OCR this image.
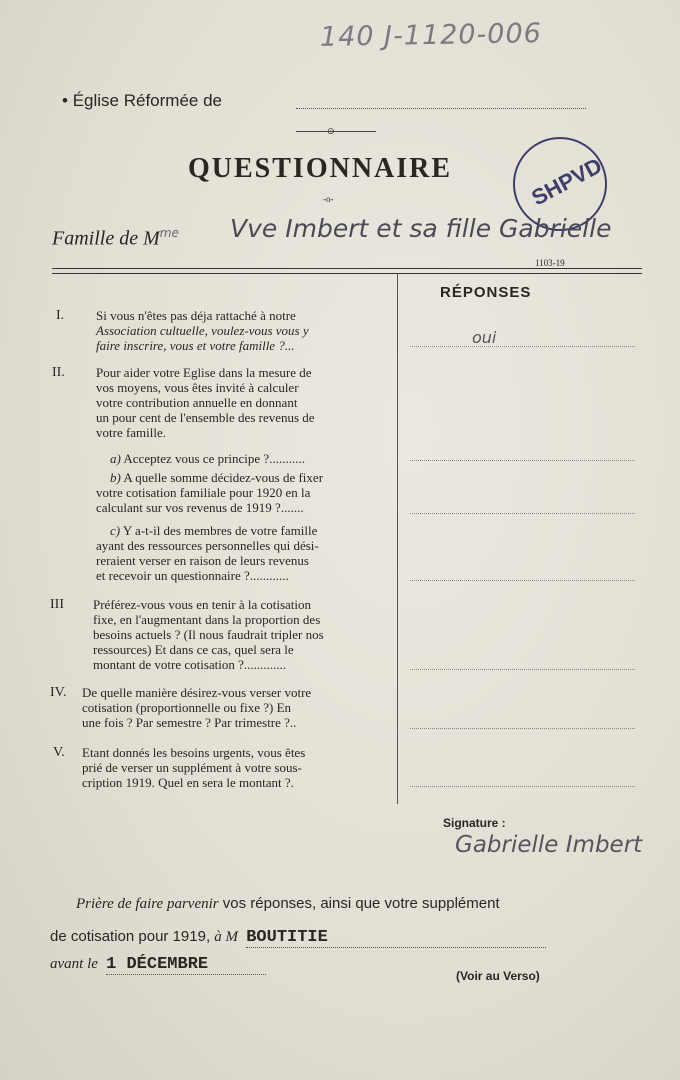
140 J-1120-006
• Église Réformée de
⊙
QUESTIONNAIRE
-o-	SHPVD
Famille de $M^{me}$ Vve Imbert et sa fille Gabrielle
1103-19
RÉPONSES
I. Si vous n'êtes pas déja rattaché à notre
Association cultuelle, voulez-vous vous y
faire inscrire, vous et votre famille ?...
II. Pour aider votre Eglise dans la mesure de
vos moyens, vous êtes invité à calculer
votre contribution annuelle en donnant
un pour cent de l'ensemble des revenus de
votre famille.
a) Acceptez vous ce principe ?...........
b) A quelle somme décidez-vous de fixer
votre cotisation familiale pour 1920 en la
calculant sur vos revenus de 1919 ?.......
c) Y a-t-il des membres de votre famille
ayant des ressources personnelles qui dési-
reraient verser en raison de leurs revenus
et recevoir un questionnaire ?............
III Préférez-vous vous en tenir à la cotisation
fixe, en l'augmentant dans la proportion des
besoins actuels ? (Il nous faudrait tripler nos
ressources) Et dans ce cas, quel sera le
montant de votre cotisation ?.............
IV. De quelle manière désirez-vous verser votre
cotisation (proportionnelle ou fixe ?) En
une fois ? Par semestre ? Par trimestre ?..
V. Etant donnés les besoins urgents, vous êtes
prié de verser un supplément à votre sous-
cription 1919. Quel en sera le montant ?.
oui
Signature :
Gabrielle Imbert
Prière de faire parvenir vos réponses, ainsi que votre supplément
de cotisation pour 1919, à M BOUTITIE
avant le 1 DÉCEMBRE
(Voir au Verso)
